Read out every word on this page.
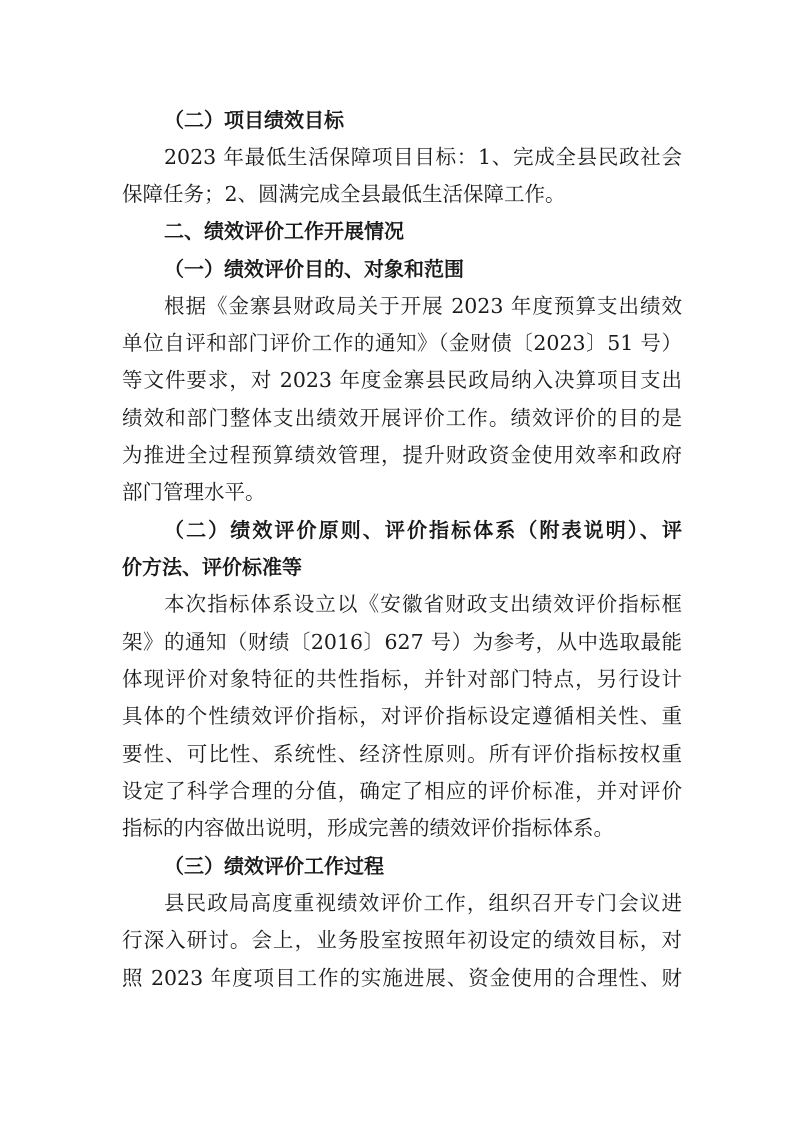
（二）项目绩效目标
2023 年最低生活保障项目目标：1、完成全县民政社会
保障任务；2、圆满完成全县最低生活保障工作。
二、绩效评价工作开展情况
（一）绩效评价目的、对象和范围
根据《金寨县财政局关于开展 2023 年度预算支出绩效
单位自评和部门评价工作的通知》（金财债〔2023〕51 号）
等文件要求，对 2023 年度金寨县民政局纳入决算项目支出
绩效和部门整体支出绩效开展评价工作。绩效评价的目的是
为推进全过程预算绩效管理，提升财政资金使用效率和政府
部门管理水平。
（二）绩效评价原则、评价指标体系（附表说明）、评
价方法、评价标准等
本次指标体系设立以《安徽省财政支出绩效评价指标框
架》的通知（财绩〔2016〕627 号）为参考，从中选取最能
体现评价对象特征的共性指标，并针对部门特点，另行设计
具体的个性绩效评价指标，对评价指标设定遵循相关性、重
要性、可比性、系统性、经济性原则。所有评价指标按权重
设定了科学合理的分值，确定了相应的评价标准，并对评价
指标的内容做出说明，形成完善的绩效评价指标体系。
（三）绩效评价工作过程
县民政局高度重视绩效评价工作，组织召开专门会议进
行深入研讨。会上，业务股室按照年初设定的绩效目标，对
照 2023 年度项目工作的实施进展、资金使用的合理性、财
